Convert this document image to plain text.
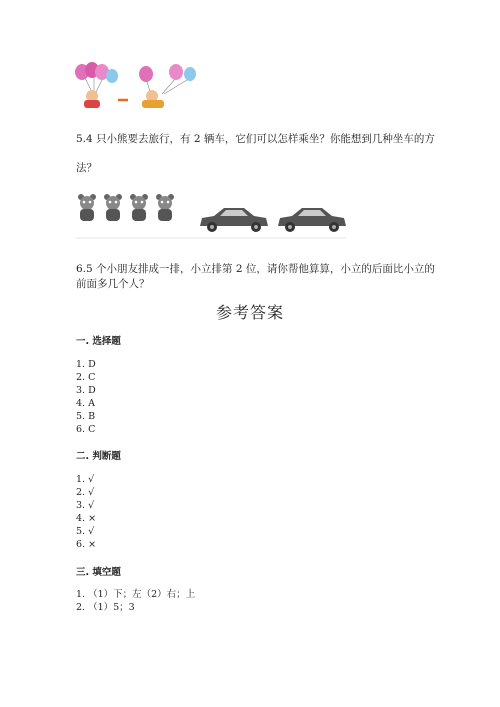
5.4 只小熊要去旅行，有 2 辆车，它们可以怎样乘坐？你能想到几种坐车的方
法？
6.5 个小朋友排成一排，小立排第 2 位，请你帮他算算，小立的后面比小立的
前面多几个人？
参考答案
一. 选择题
1. D
2. C
3. D
4. A
5. B
6. C
二. 判断题
1. √
2. √
3. √
4. ×
5. √
6. ×
三. 填空题
1. （1）下；左（2）右；上
2. （1）5；3
